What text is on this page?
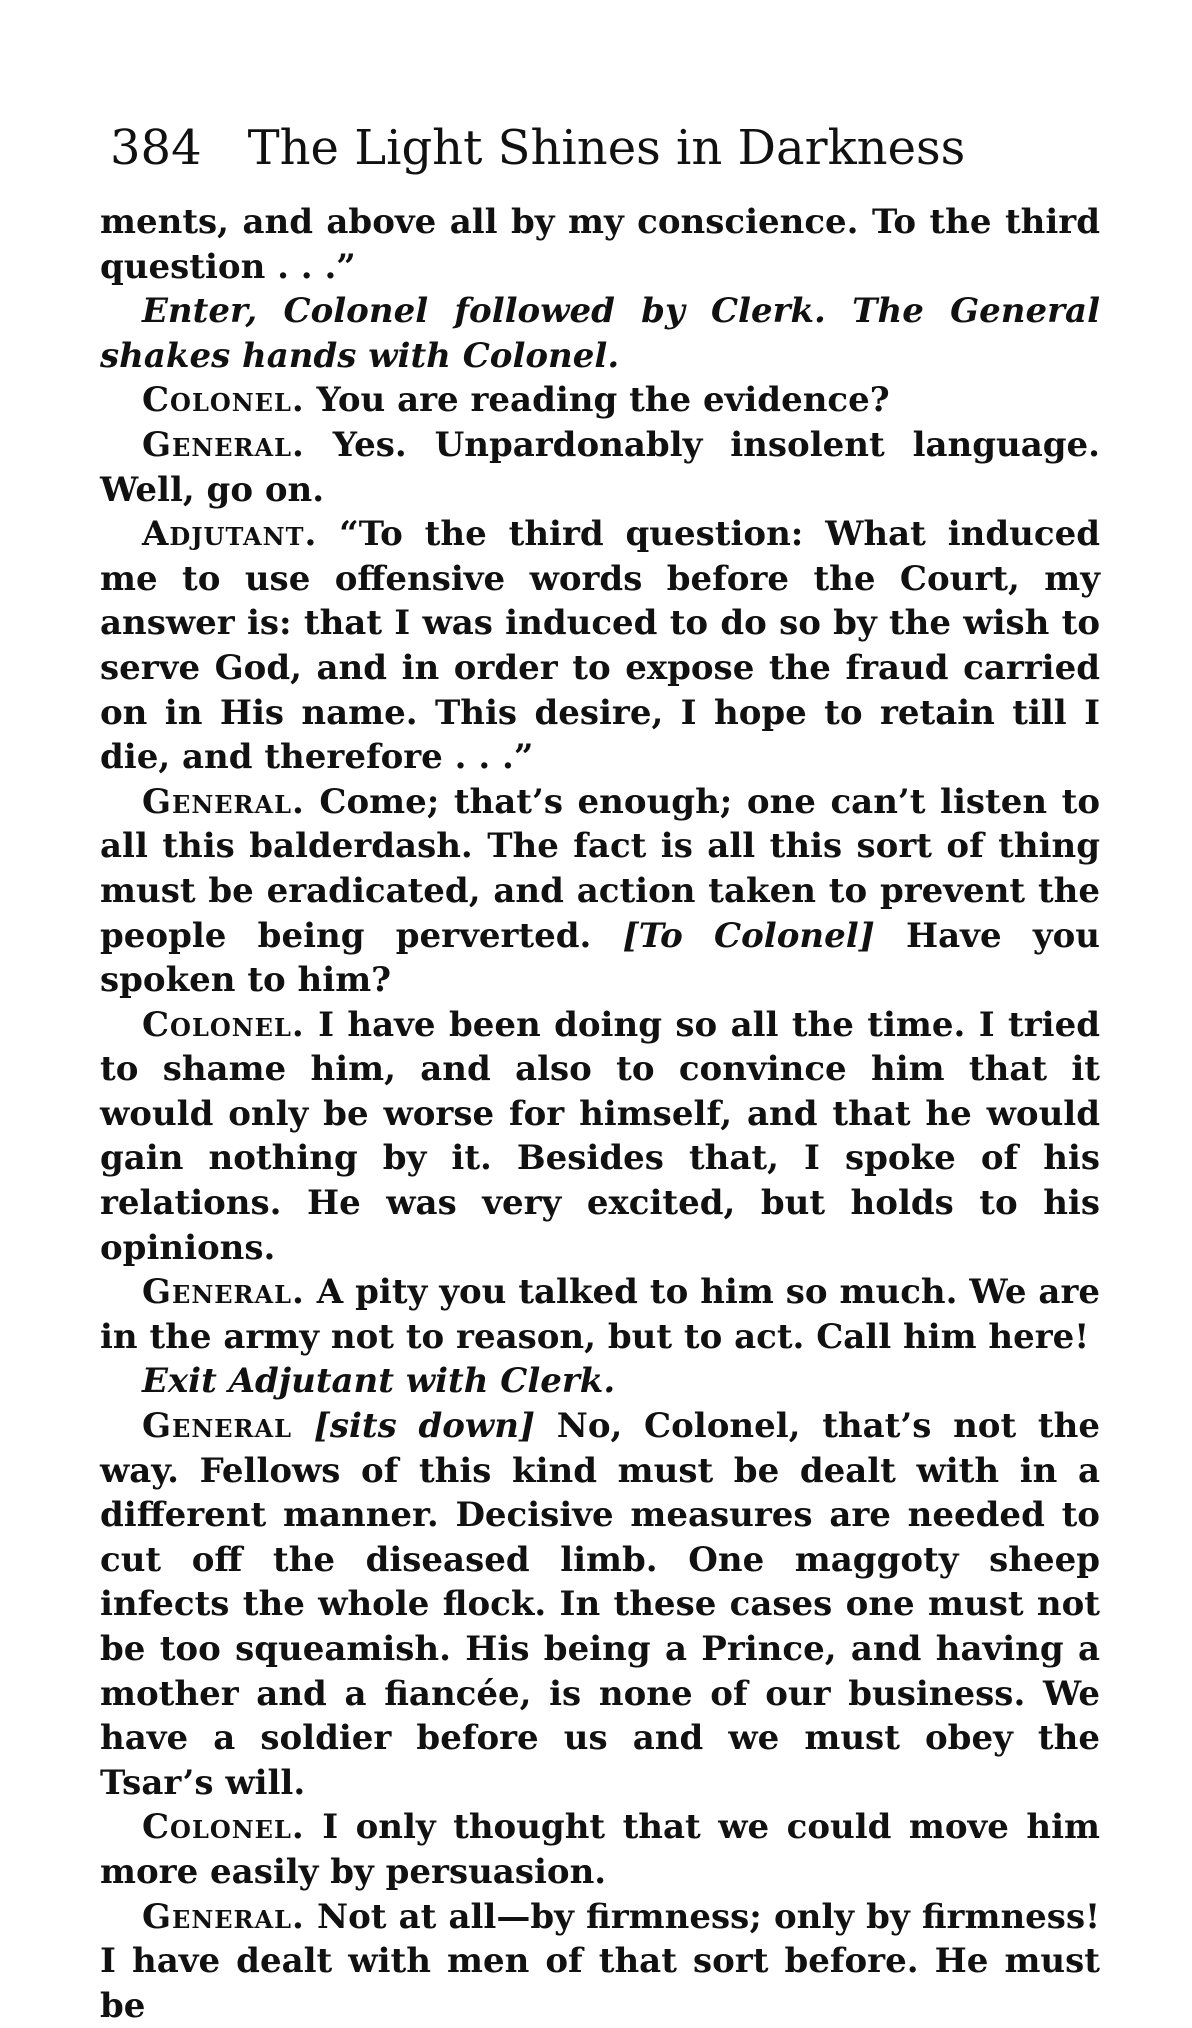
384 The Light Shines in Darkness

ments, and above all by my conscience. To the third question . . .”

Enter, Colonel followed by Clerk. The General shakes hands with Colonel.

Colonel. You are reading the evidence?

General. Yes. Unpardonably insolent language. Well, go on.

Adjutant. “To the third question: What induced me to use offensive words before the Court, my answer is: that I was induced to do so by the wish to serve God, and in order to expose the fraud carried on in His name. This desire, I hope to retain till I die, and therefore . . .”

General. Come; that’s enough; one can’t listen to all this balderdash. The fact is all this sort of thing must be eradicated, and action taken to prevent the people being perverted. [To Colonel] Have you spoken to him?

Colonel. I have been doing so all the time. I tried to shame him, and also to convince him that it would only be worse for himself, and that he would gain nothing by it. Besides that, I spoke of his relations. He was very excited, but holds to his opinions.

General. A pity you talked to him so much. We are in the army not to reason, but to act. Call him here!

Exit Adjutant with Clerk.

General [sits down] No, Colonel, that’s not the way. Fellows of this kind must be dealt with in a different manner. Decisive measures are needed to cut off the diseased limb. One maggoty sheep infects the whole flock. In these cases one must not be too squeamish. His being a Prince, and having a mother and a fiancée, is none of our business. We have a soldier before us and we must obey the Tsar’s will.

Colonel. I only thought that we could move him more easily by persuasion.

General. Not at all—by firmness; only by firmness! I have dealt with men of that sort before. He must be
